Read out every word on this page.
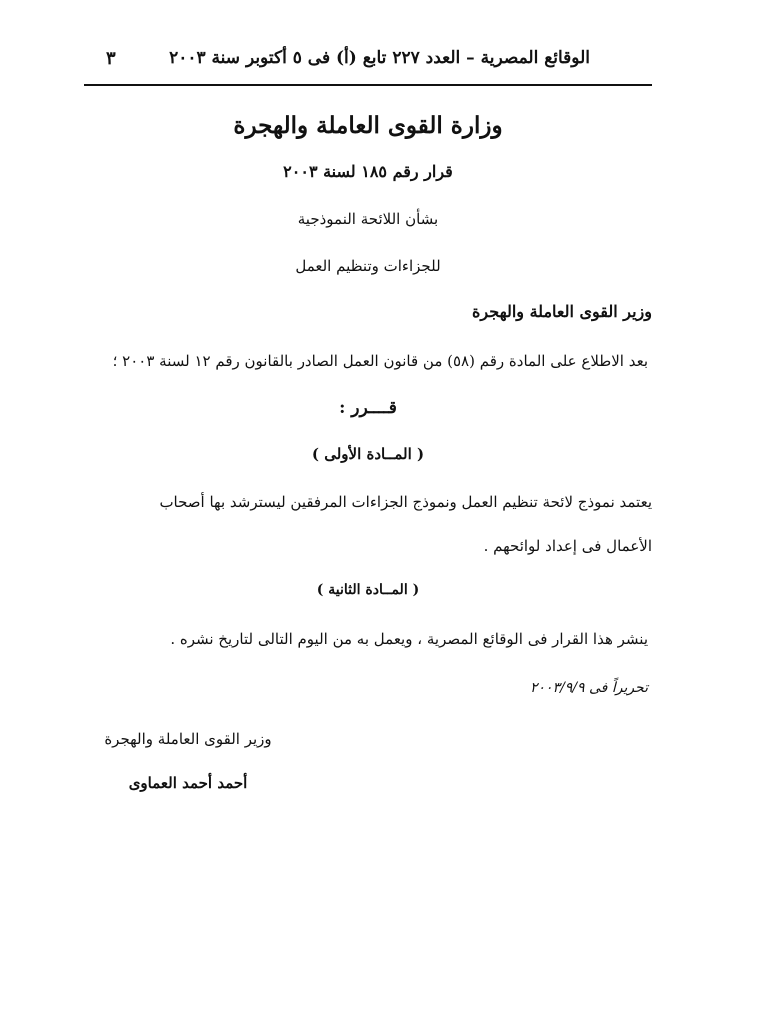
الوقائع المصرية – العدد ٢٢٧ تابع (أ) فى ٥ أكتوبر سنة ٢٠٠٣
٣
وزارة القوى العاملة والهجرة
قرار رقم ١٨٥ لسنة ٢٠٠٣
بشأن اللائحة النموذجية
للجزاءات وتنظيم العمل
وزير القوى العاملة والهجرة
بعد الاطلاع على المادة رقم (٥٨) من قانون العمل الصادر بالقانون رقم ١٢ لسنة ٢٠٠٣ ؛
قــــرر :
( المــادة الأولى )
يعتمد نموذج لائحة تنظيم العمل ونموذج الجزاءات المرفقين ليسترشد بها أصحاب
الأعمال فى إعداد لوائحهم .
( المــادة الثانية )
ينشر هذا القرار فى الوقائع المصرية ، ويعمل به من اليوم التالى لتاريخ نشره .
تحريراً فى ٢٠٠٣/٩/٩
وزير القوى العاملة والهجرة
أحمد أحمد العماوى
